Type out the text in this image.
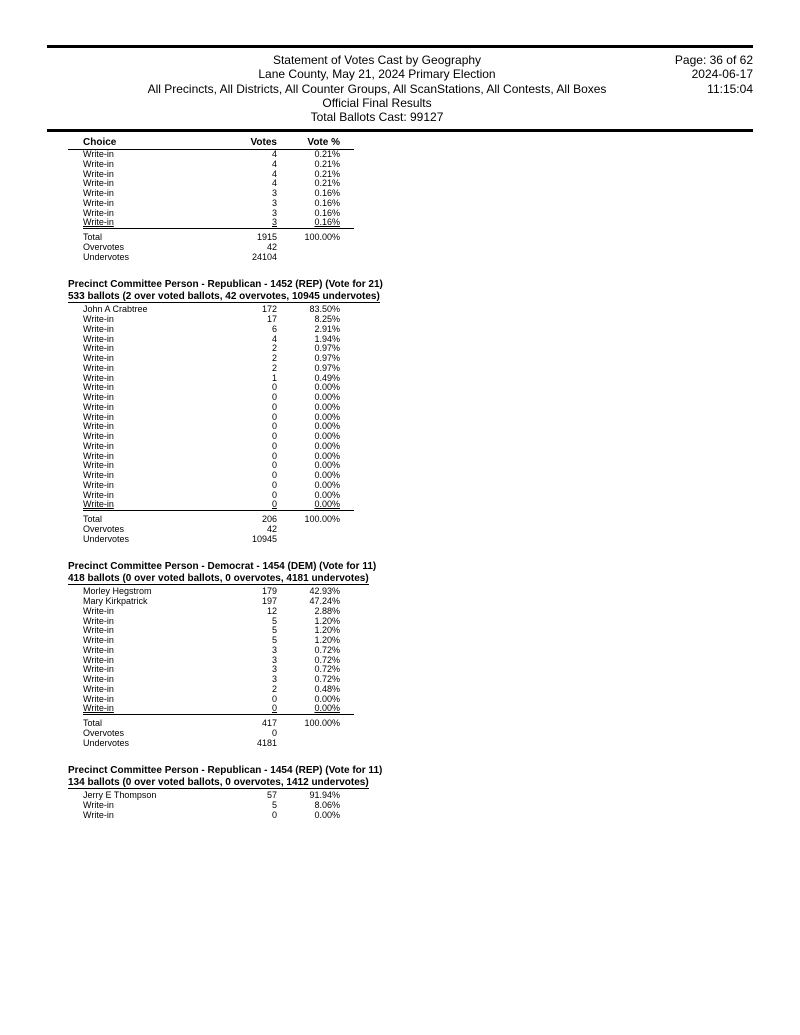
Statement of Votes Cast by Geography
Lane County, May 21, 2024 Primary Election
All Precincts, All Districts, All Counter Groups, All ScanStations, All Contests, All Boxes
Official Final Results
Total Ballots Cast: 99127
Page: 36 of 62
2024-06-17
11:15:04
Choice	Votes	Vote %
Write-in	4	0.21%
Write-in	4	0.21%
Write-in	4	0.21%
Write-in	4	0.21%
Write-in	3	0.16%
Write-in	3	0.16%
Write-in	3	0.16%
Write-in	3	0.16%
Total	1915	100.00%
Overvotes	42
Undervotes	24104
Precinct Committee Person - Republican - 1452 (REP) (Vote for 21)
533 ballots (2 over voted ballots, 42 overvotes, 10945 undervotes)
John A Crabtree	172	83.50%
Write-in	17	8.25%
Write-in	6	2.91%
Write-in	4	1.94%
Write-in	2	0.97%
Write-in	2	0.97%
Write-in	2	0.97%
Write-in	1	0.49%
Write-in	0	0.00%
Write-in	0	0.00%
Write-in	0	0.00%
Write-in	0	0.00%
Write-in	0	0.00%
Write-in	0	0.00%
Write-in	0	0.00%
Write-in	0	0.00%
Write-in	0	0.00%
Write-in	0	0.00%
Write-in	0	0.00%
Write-in	0	0.00%
Write-in	0	0.00%
Total	206	100.00%
Overvotes	42
Undervotes	10945
Precinct Committee Person - Democrat - 1454 (DEM) (Vote for 11)
418 ballots (0 over voted ballots, 0 overvotes, 4181 undervotes)
Morley Hegstrom	179	42.93%
Mary Kirkpatrick	197	47.24%
Write-in	12	2.88%
Write-in	5	1.20%
Write-in	5	1.20%
Write-in	5	1.20%
Write-in	3	0.72%
Write-in	3	0.72%
Write-in	3	0.72%
Write-in	3	0.72%
Write-in	2	0.48%
Write-in	0	0.00%
Write-in	0	0.00%
Total	417	100.00%
Overvotes	0
Undervotes	4181
Precinct Committee Person - Republican - 1454 (REP) (Vote for 11)
134 ballots (0 over voted ballots, 0 overvotes, 1412 undervotes)
Jerry E Thompson	57	91.94%
Write-in	5	8.06%
Write-in	0	0.00%
